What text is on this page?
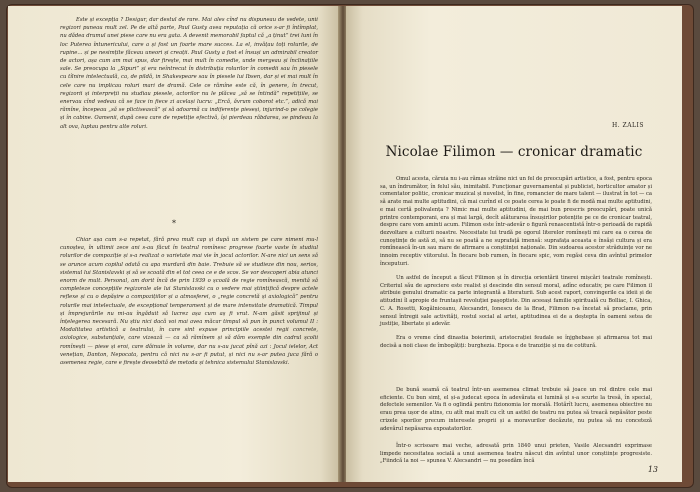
Este și excepția ? Desigur, dar destul de rare. Mai ales cînd nu dispuneau de vedete, unii regizori puneau mult zel. Pe de altă parte, Paul Gusty avea reputația că orice s-ar fi întîmplat, nu dădea drumul unei piese care nu era gata. A devenit memorabil faptul că „a ținut” trei luni în loc Puterea întunericului, care a și fost un foarte mare succes. La el, invățau toți rolurile, de rupine... și pe nesimțite făceau uneori și creații. Paul Gusty a fost el însuși un admirabil creator de actori, așa cum am mai spus, dar firește, mai mult în comedie, unde mergeau și înclinațiile sale. Se preocupa la „Sipuri” și era neîntrecut în distribuția rolurilor în comedii sau în piesele cu tîlnire intelectuală, ca, de pildă, in Shakespeare sau în piesele lui Ibsen, dar și ei mai mult în cele care nu implicau roluri mari de dramă. Cele ce rămîne este că, în genere, în trecut, regizorii și interpreții nu studiau piesele, actorilor nu le plăcea „să se întindă” repetițiile, se enervau cînd vedeau că se face in fiece zi același lucru: „Ercă, ăvrum coborot etc.”, adică mai rămîne, începeau „să se plictisească” și să adoarmă ca indiferențe pieseși, injurind-o pe colegie și în cabine. Oamenii, după ceea care de repetiție efectivă, își pierdeau răbdarea, se pindeau la alt ova, luptau pentru alte roluri.

*

Chiar așa cum s-a repetat, fără prea mult cap și după un sistem pe care nimeni mu-l cunoștea, în ultimii zece ani s-au făcut în teatrul romînesc progrese foarte vaste în studiul rolurilor de compoziție și s-a realizat o varietate mai vie în jocul actorilor. N-are nici un sens să se arunce acum copilul odată cu apa murdară din baie. Trebuie să se studieze din nou, serios, sistemul lui Stanislavski și să se scoată din el tot ceea ce e de scos. Se vor descoperi abia atunci enorm de mult. Personal, am dorit încă de prin 1939 o școală de regie romînească, menită să completeze concepțiile regizorale ale lui Stanislavski cu o vedere mai științifică despre actele reflexe și cu o depășire a compozițiilor și a atmosferei, o „regie concretă și axiologică” pentru rolurile mai intelectuale, de excepțional temperament și de mare intensitate dramatică. Timpul și împrejurările nu mi-au îngăduit să lucrez așa cum aș fi vrut. N-am găsit sprijinul și înțelegerea necesară. Nu știu nici dacă voi mai avea măcar timpul să pun în punct volumul II : Modalitatea artistică a teatrului, în care sint expuse principiile acestei regii concrete, axiologice, substanțiale, care vizează — ca să rămînem și să dăm exemple din cadrul școlii romînești — piese și eroi, care dăinuie în volume, dar nu s-au jucat pînă azi : Jocul ielelor, Act venețian, Danton, Nepocata, pentru că nici nu s-ar fi putut, și nici nu s-ar putea juca fără o asemenea regie, care e firește deosebită de metoda și tehnica sistemului Stanislavski.

H. ZALIS
Nicolae Filimon — cronicar dramatic

Omul acesta, căruia nu i-au rămas străine nici un fel de preocupări artistice, a fost, pentru epoca sa, un îndrumător, în felul său, inimitabil. Funcționar guvernamental și publicist, horticultor amator și comentator politic, cronicar muzical și nuvelist, în fine, romancier de mare talent — ilustrat în tot — ca să arate mai multe aptitudini, că mai curînd el ce poate cerea le poate fi de modă mai multe aptitudini, e mai certă polivalența ? Nimic mai multe aptitudini, de mai bun prescris preocupări, poate unică printre contemporani, era și mai largă, decît alăturarea însușirilor potențite pe ce de cronicar teatral, despre care vom aminti acum. Filimon este într-adevăr o figură renascentistă într-o perioadă de rapidă dezvoltare a culturii noastre. Necesitate lui trudă pe ogorul literelor romînești mi care ea o cerea de cunoștințe de astă zi, să nu se poată a ne suprafață imensă: suprafața aceasta e însăși cultura și era romînească în-un sau mare de afirmare a conștiinței naționale. Din sudoarea acestor străduințe vor ne innoim receptiv viitorului. În fiecare bob rumen, în fiecare spic, vom regăsi ceva din avîntul primelor începuturi.

Un astfel de început a făcut Filimon și în direcția orientării tinerei mișcări teatrale romînești. Criteriul său de apreciere este realist și descinde din sensul moral, adînc educativ, pe care Filimon il atribuie genului dramatic ca parte integrantă a literaturii. Sub acest raport, convingerile ca ideii și de atitudini îl apropie de fruntașii revoluției pașoptiste. Din aceeași familie spirituală cu Bolliac, I. Ghica, C. A. Rosetti, Kogălniceanu, Alecsandri, Ionescu de la Brad, Filimon n-a încetat să proclame, prin sensul întregii sale activități, rostul social al artei, aptitudinea ei de a deștepta în oameni setea de justiție, libertate și adevăr.

Era o vreme cînd dinastia boierimii, aristocrației feudale se înjghebase și afirmarea tot mai decisă a noii clase de îmbogățiți: burghezia. Epoca e de tranziție și nu de cotitură.

De bună seamă că teatrul într-un asemenea climat trebuie să joace un rol dintre cele mai eficiente. Cu bun simț, el și-a judecat epoca în adevărata ei lumină și s-a scurte la tresă, în special, defectele semenilor. Va fi o oglindă pentru fizionomia lor morală. Hotărît lucru, asemenea obiective nu erau prea ușor de atins, cu atît mai mult cu cît un astfel de teatru nu putea să treacă nepăsător peste crizele sporilor precum interesele proprii și a moravurilor decăzute, nu putea să nu conceteză adevărul nepăsarea expoatatorilor.

Într-o scrisoare mai veche, adresată prin 1840 unui prieten, Vasile Alecsandri exprimase limpede necesitatea socială a unui asemenea teatru născut din avîntul unor conștiințe progresiste. „Fiindcă la noi — spunea V. Alecsandri — nu posedăm încă

13
